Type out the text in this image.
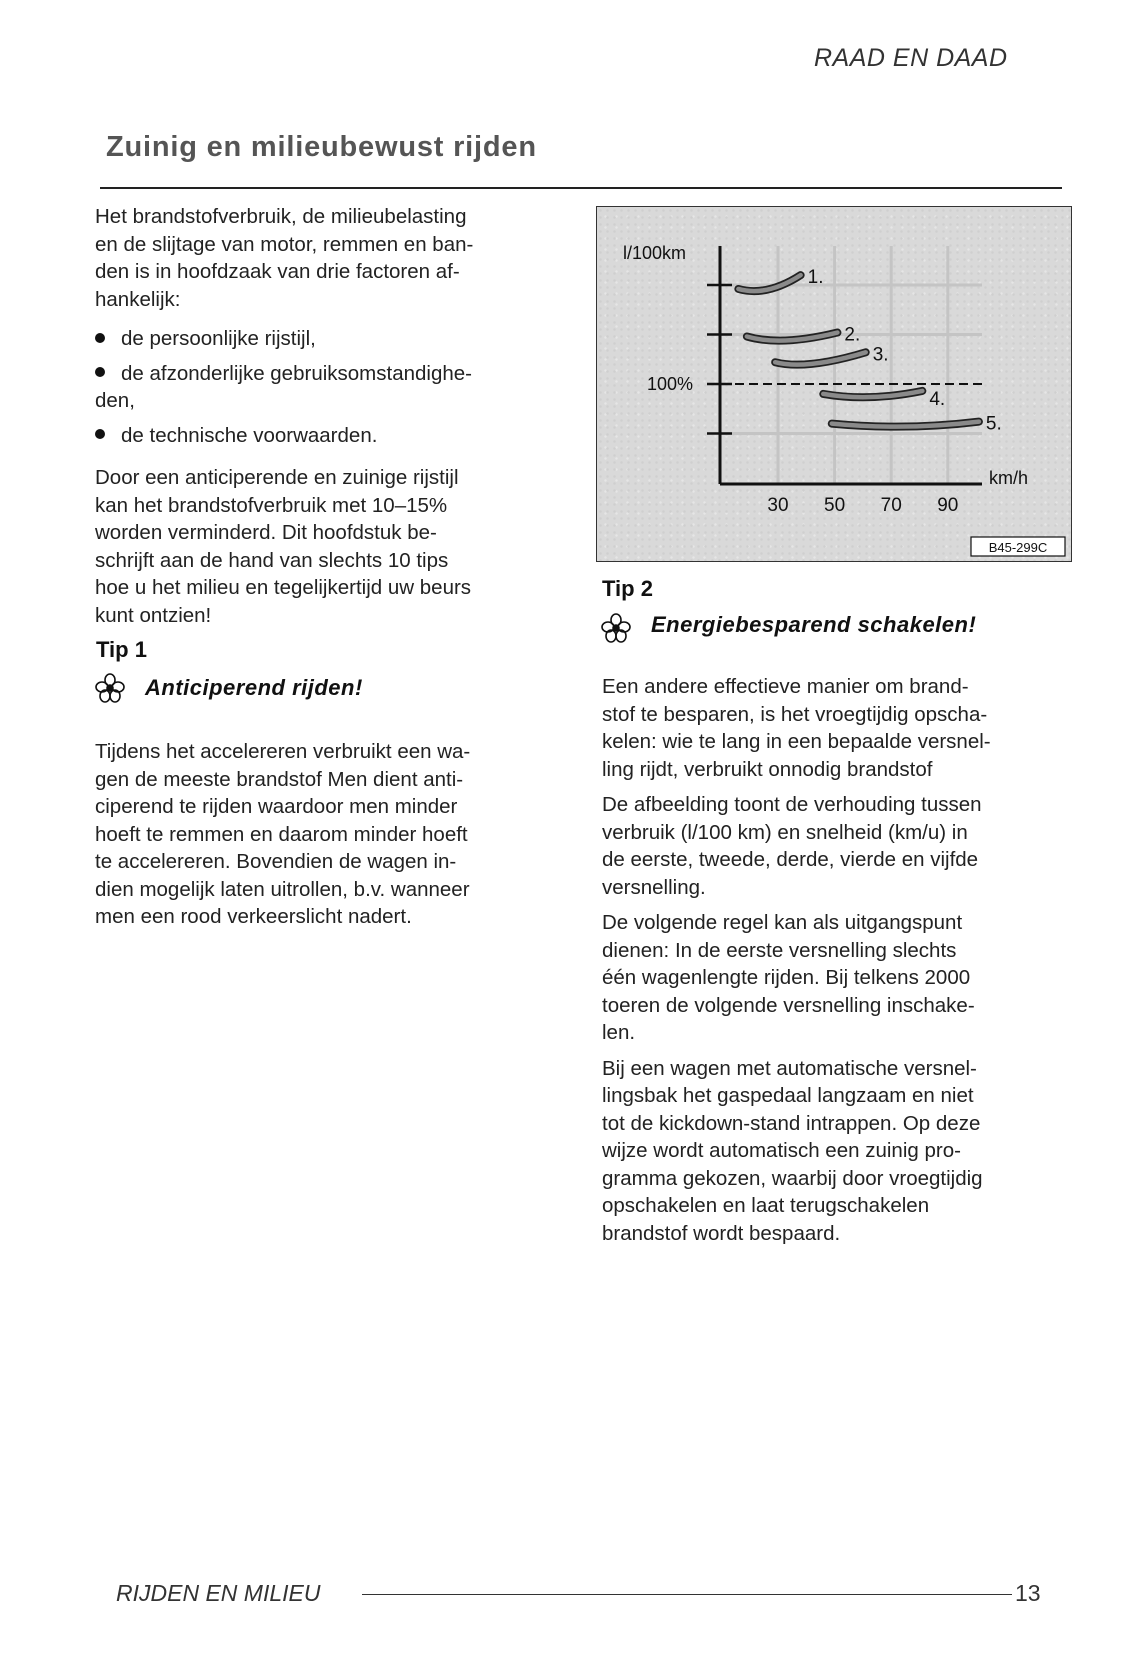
RAAD EN DAAD
Zuinig en milieubewust rijden
Het brandstofverbruik, de milieubelasting
en de slijtage van motor, remmen en ban-
den is in hoofdzaak van drie factoren af-
hankelijk:
de persoonlijke rijstijl,
de afzonderlijke gebruiksomstandighe-
den,
de technische voorwaarden.
Door een anticiperende en zuinige rijstijl
kan het brandstofverbruik met 10–15%
worden verminderd. Dit hoofdstuk be-
schrijft aan de hand van slechts 10 tips
hoe u het milieu en tegelijkertijd uw beurs
kunt ontzien!
Tip 1
Anticiperend rijden!
Tijdens het accelereren verbruikt een wa-
gen de meeste brandstof Men dient anti-
ciperend te rijden waardoor men minder
hoeft te remmen en daarom minder hoeft
te accelereren. Bovendien de wagen in-
dien mogelijk laten uitrollen, b.v. wanneer
men een rood verkeerslicht nadert.
l/100km
100%
km/h
30 50 70 90
1.
2.
3.
4.
5.
B45-299C
Tip 2
Energiebesparend schakelen!
Een andere effectieve manier om brand-
stof te besparen, is het vroegtijdig opscha-
kelen: wie te lang in een bepaalde versnel-
ling rijdt, verbruikt onnodig brandstof
De afbeelding toont de verhouding tussen
verbruik (l/100 km) en snelheid (km/u) in
de eerste, tweede, derde, vierde en vijfde
versnelling.
De volgende regel kan als uitgangspunt
dienen: In de eerste versnelling slechts
één wagenlengte rijden. Bij telkens 2000
toeren de volgende versnelling inschake-
len.
Bij een wagen met automatische versnel-
lingsbak het gaspedaal langzaam en niet
tot de kickdown-stand intrappen. Op deze
wijze wordt automatisch een zuinig pro-
gramma gekozen, waarbij door vroegtijdig
opschakelen en laat terugschakelen
brandstof wordt bespaard.
RIJDEN EN MILIEU	13
